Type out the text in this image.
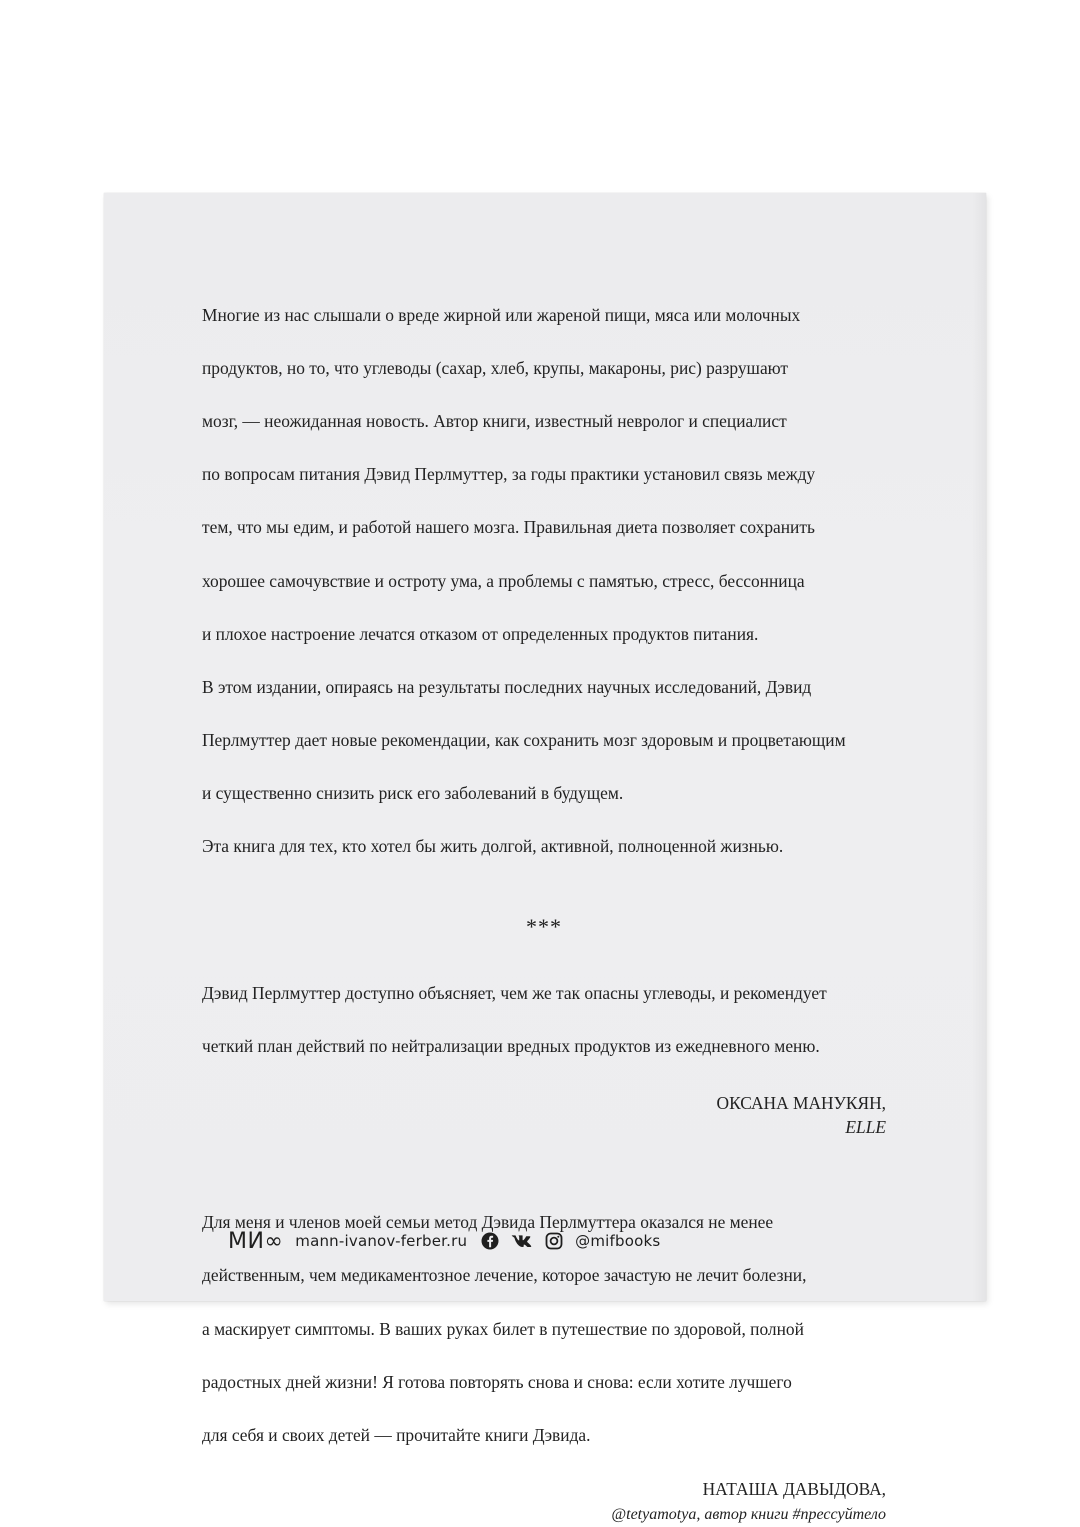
Многие из нас слышали о вреде жирной или жареной пищи, мяса или молочных

продуктов, но то, что углеводы (сахар, хлеб, крупы, макароны, рис) разрушают

мозг, — неожиданная новость. Автор книги, известный невролог и специалист

по вопросам питания Дэвид Перлмуттер, за годы практики установил связь между

тем, что мы едим, и работой нашего мозга. Правильная диета позволяет сохранить

хорошее самочувствие и остроту ума, а проблемы с памятью, стресс, бессонница

и плохое настроение лечатся отказом от определенных продуктов питания.

В этом издании, опираясь на результаты последних научных исследований, Дэвид

Перлмуттер дает новые рекомендации, как сохранить мозг здоровым и процветающим

и существенно снизить риск его заболеваний в будущем.

Эта книга для тех, кто хотел бы жить долгой, активной, полноценной жизнью.

***

Дэвид Перлмуттер доступно объясняет, чем же так опасны углеводы, и рекомендует

четкий план действий по нейтрализации вредных продуктов из ежедневного меню.

ОКСАНА МАНУКЯН,
ELLE

Для меня и членов моей семьи метод Дэвида Перлмуттера оказался не менее

действенным, чем медикаментозное лечение, которое зачастую не лечит болезни,

а маскирует симптомы. В ваших руках билет в путешествие по здоровой, полной

радостных дней жизни! Я готова повторять снова и снова: если хотите лучшего

для себя и своих детей — прочитайте книги Дэвида.

НАТАША ДАВЫДОВА,
@tetyamotya, автор книги #прессуйтело
МИ∞ mann-ivanov-ferber.ru	@mifbooks
